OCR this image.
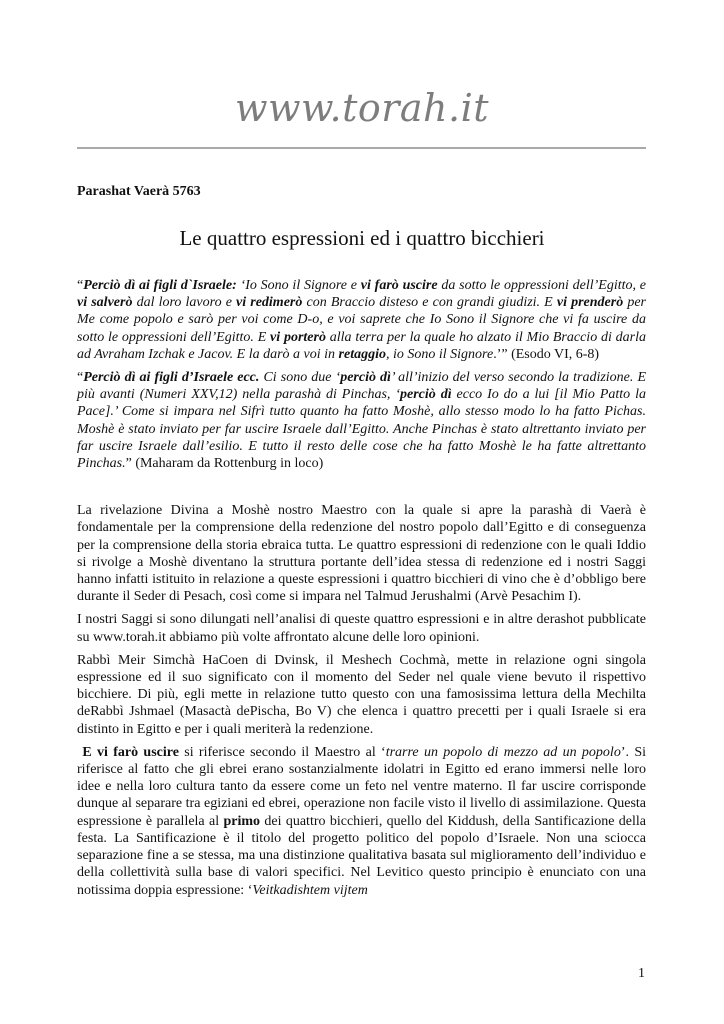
www.torah.it
Parashat Vaerà 5763
Le quattro espressioni ed i quattro bicchieri

“Perciò dì ai figli d`Israele: ‘Io Sono il Signore e vi farò uscire da sotto le oppressioni dell’Egitto, e vi salverò dal loro lavoro e vi redimerò con Braccio disteso e con grandi giudizi. E vi prenderò per Me come popolo e sarò per voi come D-o, e voi saprete che Io Sono il Signore che vi fa uscire da sotto le oppressioni dell’Egitto. E vi porterò alla terra per la quale ho alzato il Mio Braccio di darla ad Avraham Izchak e Jacov. E la darò a voi in retaggio, io Sono il Signore.’” (Esodo VI, 6-8)

“Perciò dì ai figli d’Israele ecc. Ci sono due ‘perciò dì’ all’inizio del verso secondo la tradizione. E più avanti (Numeri XXV,12) nella parashà di Pinchas, ‘perciò dì ecco Io do a lui [il Mio Patto la Pace].’ Come si impara nel Sifrì tutto quanto ha fatto Moshè, allo stesso modo lo ha fatto Pichas. Moshè è stato inviato per far uscire Israele dall’Egitto. Anche Pinchas è stato altrettanto inviato per far uscire Israele dall’esilio. E tutto il resto delle cose che ha fatto Moshè le ha fatte altrettanto Pinchas.” (Maharam da Rottenburg in loco)

La rivelazione Divina a Moshè nostro Maestro con la quale si apre la parashà di Vaerà è fondamentale per la comprensione della redenzione del nostro popolo dall’Egitto e di conseguenza per la comprensione della storia ebraica tutta. Le quattro espressioni di redenzione con le quali Iddio si rivolge a Moshè diventano la struttura portante dell’idea stessa di redenzione ed i nostri Saggi hanno infatti istituito in relazione a queste espressioni i quattro bicchieri di vino che è d’obbligo bere durante il Seder di Pesach, così come si impara nel Talmud Jerushalmi (Arvè Pesachim I).

I nostri Saggi si sono dilungati nell’analisi di queste quattro espressioni e in altre derashot pubblicate su www.torah.it abbiamo più volte affrontato alcune delle loro opinioni.

Rabbì Meir Simchà HaCoen di Dvinsk, il Meshech Cochmà, mette in relazione ogni singola espressione ed il suo significato con il momento del Seder nel quale viene bevuto il rispettivo bicchiere. Di più, egli mette in relazione tutto questo con una famosissima lettura della Mechilta deRabbì Jshmael (Masactà dePischa, Bo V) che elenca i quattro precetti per i quali Israele si era distinto in Egitto e per i quali meriterà la redenzione.

E vi farò uscire si riferisce secondo il Maestro al ‘trarre un popolo di mezzo ad un popolo’. Si riferisce al fatto che gli ebrei erano sostanzialmente idolatri in Egitto ed erano immersi nelle loro idee e nella loro cultura tanto da essere come un feto nel ventre materno. Il far uscire corrisponde dunque al separare tra egiziani ed ebrei, operazione non facile visto il livello di assimilazione. Questa espressione è parallela al primo dei quattro bicchieri, quello del Kiddush, della Santificazione della festa. La Santificazione è il titolo del progetto politico del popolo d’Israele. Non una sciocca separazione fine a se stessa, ma una distinzione qualitativa basata sul miglioramento dell’individuo e della collettività sulla base di valori specifici. Nel Levitico questo principio è enunciato con una notissima doppia espressione: ‘Veitkadishtem vijtem

1
